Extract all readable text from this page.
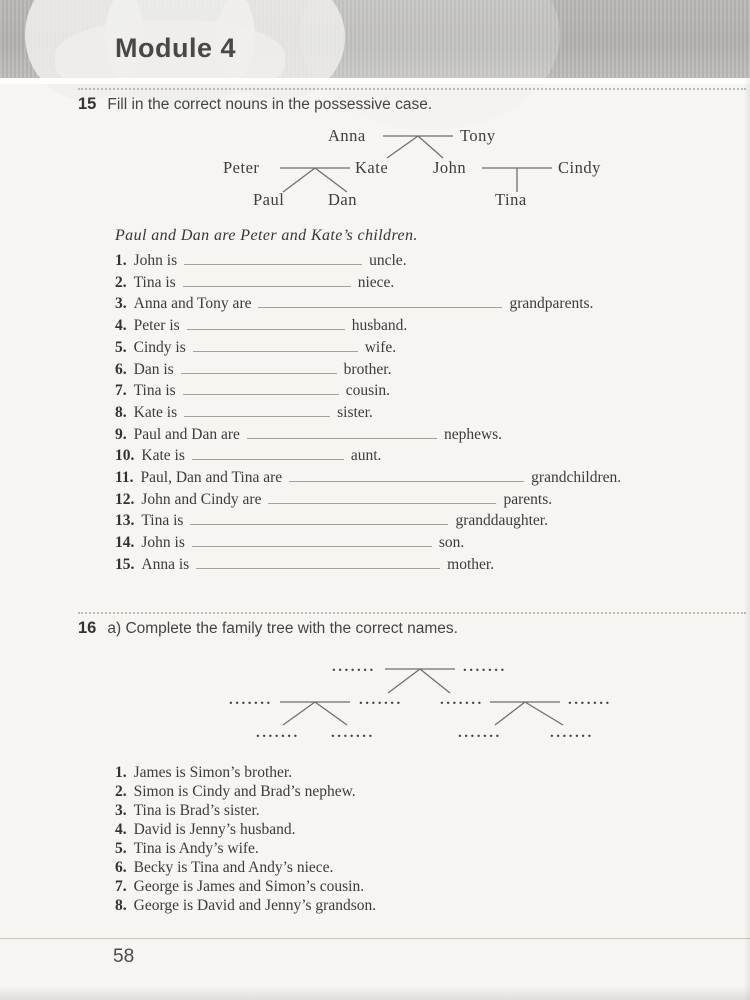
Module 4
15 Fill in the correct nouns in the possessive case.
Anna	Tony
Peter	Kate	John	Cindy
Paul	Dan	Tina

Paul and Dan are Peter and Kate’s children.

1. John is	uncle.
2. Tina is	niece.
3. Anna and Tony are	grandparents.
4. Peter is	husband.
5. Cindy is	wife.
6. Dan is	brother.
7. Tina is	cousin.
8. Kate is	sister.
9. Paul and Dan are	nephews.
10. Kate is	aunt.
11. Paul, Dan and Tina are	grandchildren.
12. John and Cindy are	parents.
13. Tina is	granddaughter.
14. John is	son.
15. Anna is	mother.
16 a) Complete the family tree with the correct names.
.......	.......
.......	....... .......	.......
....... .......	.......	.......
1. James is Simon’s brother.
2. Simon is Cindy and Brad’s nephew.
3. Tina is Brad’s sister.
4. David is Jenny’s husband.
5. Tina is Andy’s wife.
6. Becky is Tina and Andy’s niece.
7. George is James and Simon’s cousin.
8. George is David and Jenny’s grandson.
58
